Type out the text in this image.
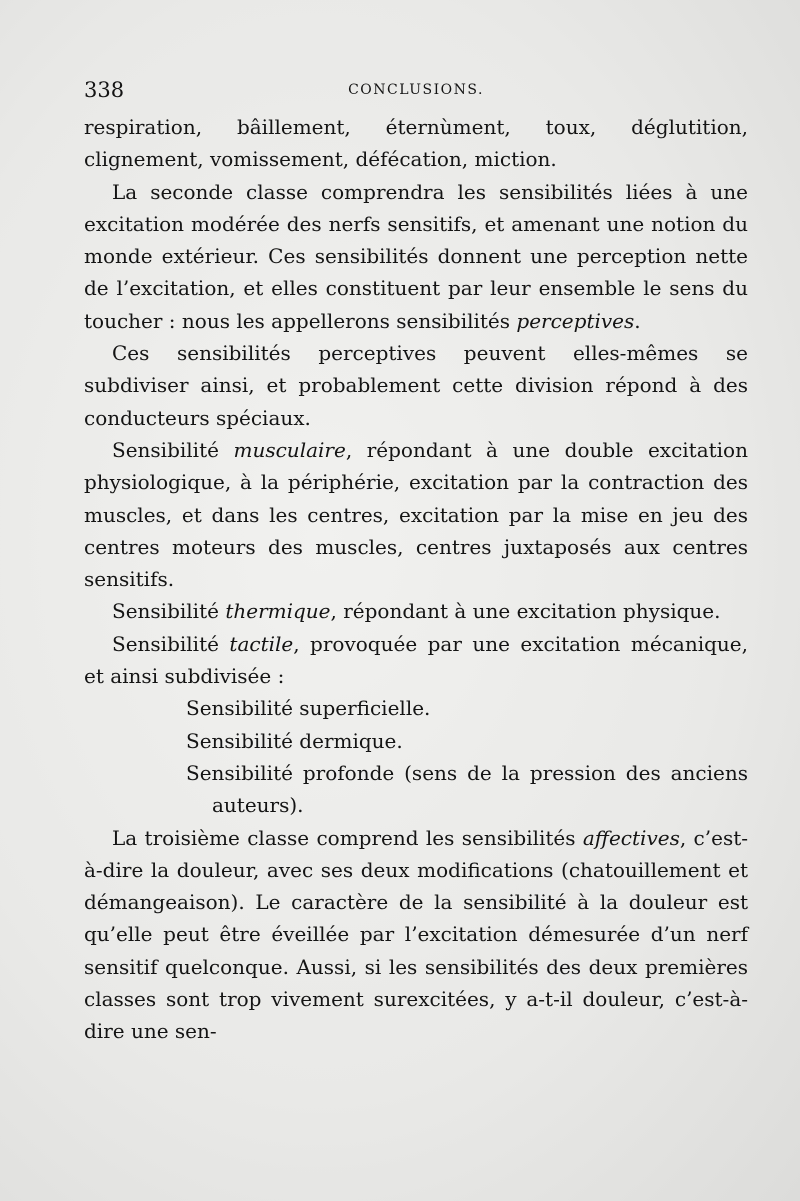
338	CONCLUSIONS.

respiration, bâillement, éternùment, toux, déglutition, clignement, vomissement, défécation, miction.

La seconde classe comprendra les sensibilités liées à une excitation modérée des nerfs sensitifs, et amenant une notion du monde extérieur. Ces sensibilités donnent une perception nette de l’excitation, et elles constituent par leur ensemble le sens du toucher : nous les appellerons sensibilités perceptives.

Ces sensibilités perceptives peuvent elles-mêmes se subdiviser ainsi, et probablement cette division répond à des conducteurs spéciaux.

Sensibilité musculaire, répondant à une double excitation physiologique, à la périphérie, excitation par la contraction des muscles, et dans les centres, excitation par la mise en jeu des centres moteurs des muscles, centres juxtaposés aux centres sensitifs.

Sensibilité thermique, répondant à une excitation physique.

Sensibilité tactile, provoquée par une excitation mécanique, et ainsi subdivisée :

Sensibilité superficielle.

Sensibilité dermique.

Sensibilité profonde (sens de la pression des anciens auteurs).

La troisième classe comprend les sensibilités affectives, c’est-à-dire la douleur, avec ses deux modifications (chatouillement et démangeaison). Le caractère de la sensibilité à la douleur est qu’elle peut être éveillée par l’excitation démesurée d’un nerf sensitif quelconque. Aussi, si les sensibilités des deux premières classes sont trop vivement surexcitées, y a-t-il douleur, c’est-à-dire une sen-
